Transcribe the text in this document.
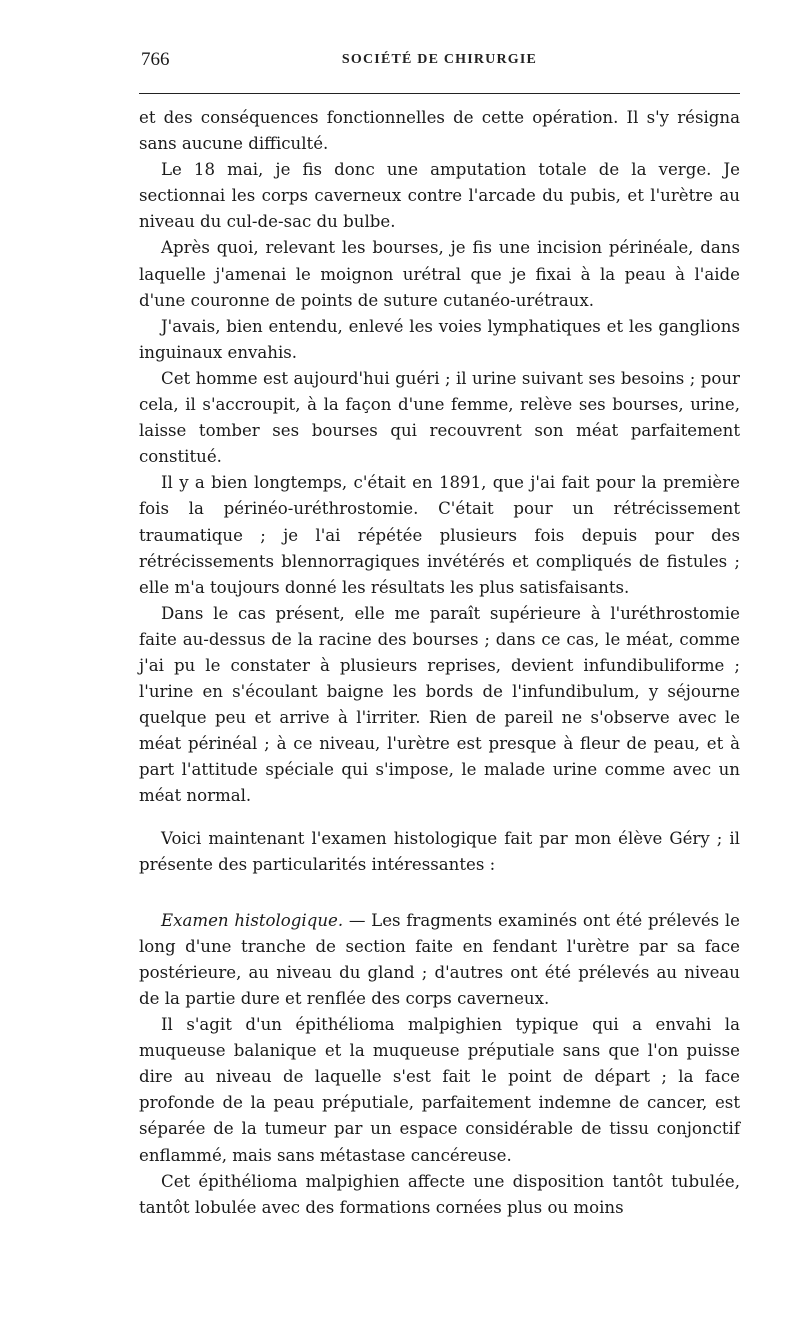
766	SOCIÉTÉ DE CHIRURGIE

et des conséquences fonctionnelles de cette opération. Il s'y résigna sans aucune difficulté.

Le 18 mai, je fis donc une amputation totale de la verge. Je sectionnai les corps caverneux contre l'arcade du pubis, et l'urètre au niveau du cul-de-sac du bulbe.

Après quoi, relevant les bourses, je fis une incision périnéale, dans laquelle j'amenai le moignon urétral que je fixai à la peau à l'aide d'une couronne de points de suture cutanéo-urétraux.

J'avais, bien entendu, enlevé les voies lymphatiques et les ganglions inguinaux envahis.

Cet homme est aujourd'hui guéri ; il urine suivant ses besoins ; pour cela, il s'accroupit, à la façon d'une femme, relève ses bourses, urine, laisse tomber ses bourses qui recouvrent son méat parfaitement constitué.

Il y a bien longtemps, c'était en 1891, que j'ai fait pour la première fois la périnéo-uréthrostomie. C'était pour un rétrécissement traumatique ; je l'ai répétée plusieurs fois depuis pour des rétrécissements blennorragiques invétérés et compliqués de fistules ; elle m'a toujours donné les résultats les plus satisfaisants.

Dans le cas présent, elle me paraît supérieure à l'uréthrostomie faite au-dessus de la racine des bourses ; dans ce cas, le méat, comme j'ai pu le constater à plusieurs reprises, devient infundibuliforme ; l'urine en s'écoulant baigne les bords de l'infundibulum, y séjourne quelque peu et arrive à l'irriter. Rien de pareil ne s'observe avec le méat périnéal ; à ce niveau, l'urètre est presque à fleur de peau, et à part l'attitude spéciale qui s'impose, le malade urine comme avec un méat normal.

Voici maintenant l'examen histologique fait par mon élève Géry ; il présente des particularités intéressantes :

Examen histologique. — Les fragments examinés ont été prélevés le long d'une tranche de section faite en fendant l'urètre par sa face postérieure, au niveau du gland ; d'autres ont été prélevés au niveau de la partie dure et renflée des corps caverneux.

Il s'agit d'un épithélioma malpighien typique qui a envahi la muqueuse balanique et la muqueuse préputiale sans que l'on puisse dire au niveau de laquelle s'est fait le point de départ ; la face profonde de la peau préputiale, parfaitement indemne de cancer, est séparée de la tumeur par un espace considérable de tissu conjonctif enflammé, mais sans métastase cancéreuse.

Cet épithélioma malpighien affecte une disposition tantôt tubulée, tantôt lobulée avec des formations cornées plus ou moins
